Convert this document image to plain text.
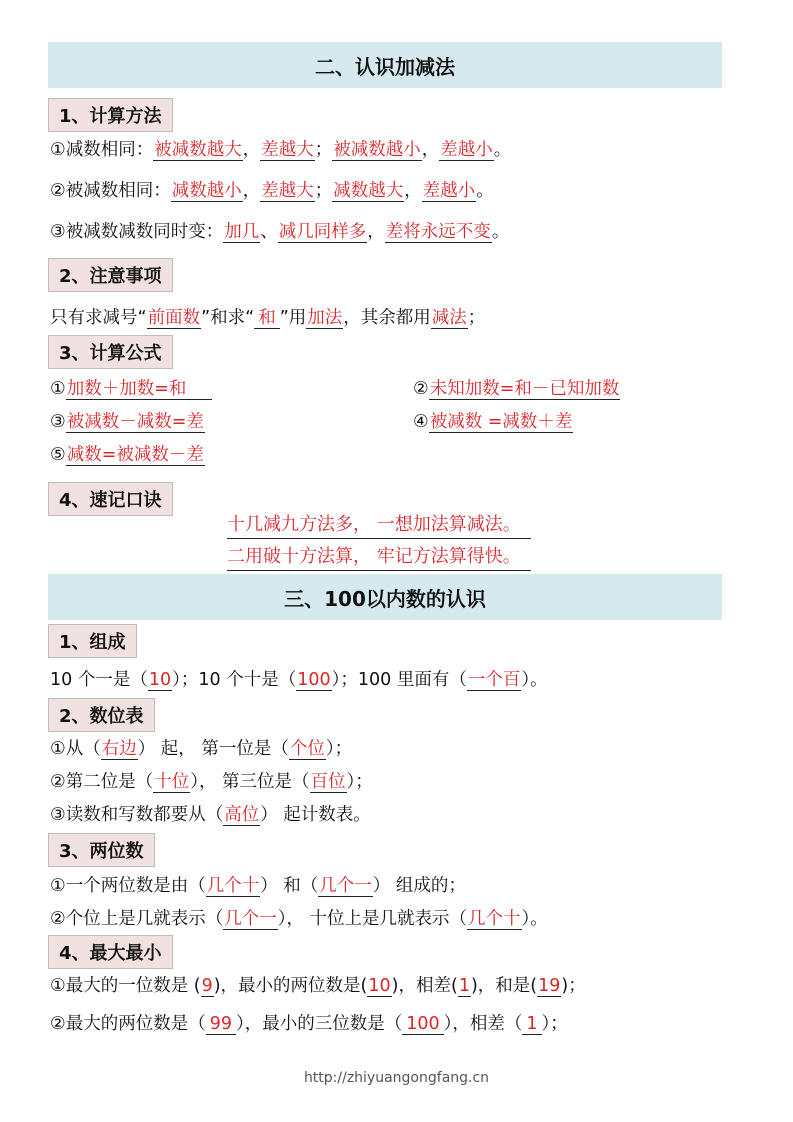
二、认识加减法
1、计算方法
①减数相同：被减数越大，差越大；被减数越小，差越小。
②被减数相同：减数越小，差越大；减数越大，差越小。
③被减数减数同时变：加几、减几同样多，差将永远不变。
2、注意事项
只有求减号“前面数”和求“ 和 ”用加法，其余都用减法；
3、计算公式
①加数＋加数=和	②未知加数=和－已知加数
③被减数－减数=差	④被减数 =减数＋差
⑤减数=被减数－差
4、速记口诀
十几减九方法多， 一想加法算减法。
二用破十方法算， 牢记方法算得快。
三、100以内数的认识
1、组成
10 个一是（10）；10 个十是（100）；100 里面有（一个百）。
2、数位表
①从（右边） 起， 第一位是（个位）；
②第二位是（十位）， 第三位是（百位）；
③读数和写数都要从（高位） 起计数表。
3、两位数
①一个两位数是由（几个十） 和（几个一） 组成的；
②个位上是几就表示（几个一）， 十位上是几就表示（几个十）。
4、最大最小
①最大的一位数是 (9)，最小的两位数是(10)，相差(1)，和是(19)；
②最大的两位数是（ 99 ），最小的三位数是（ 100 ），相差（ 1 ）；
http://zhiyuangongfang.cn
